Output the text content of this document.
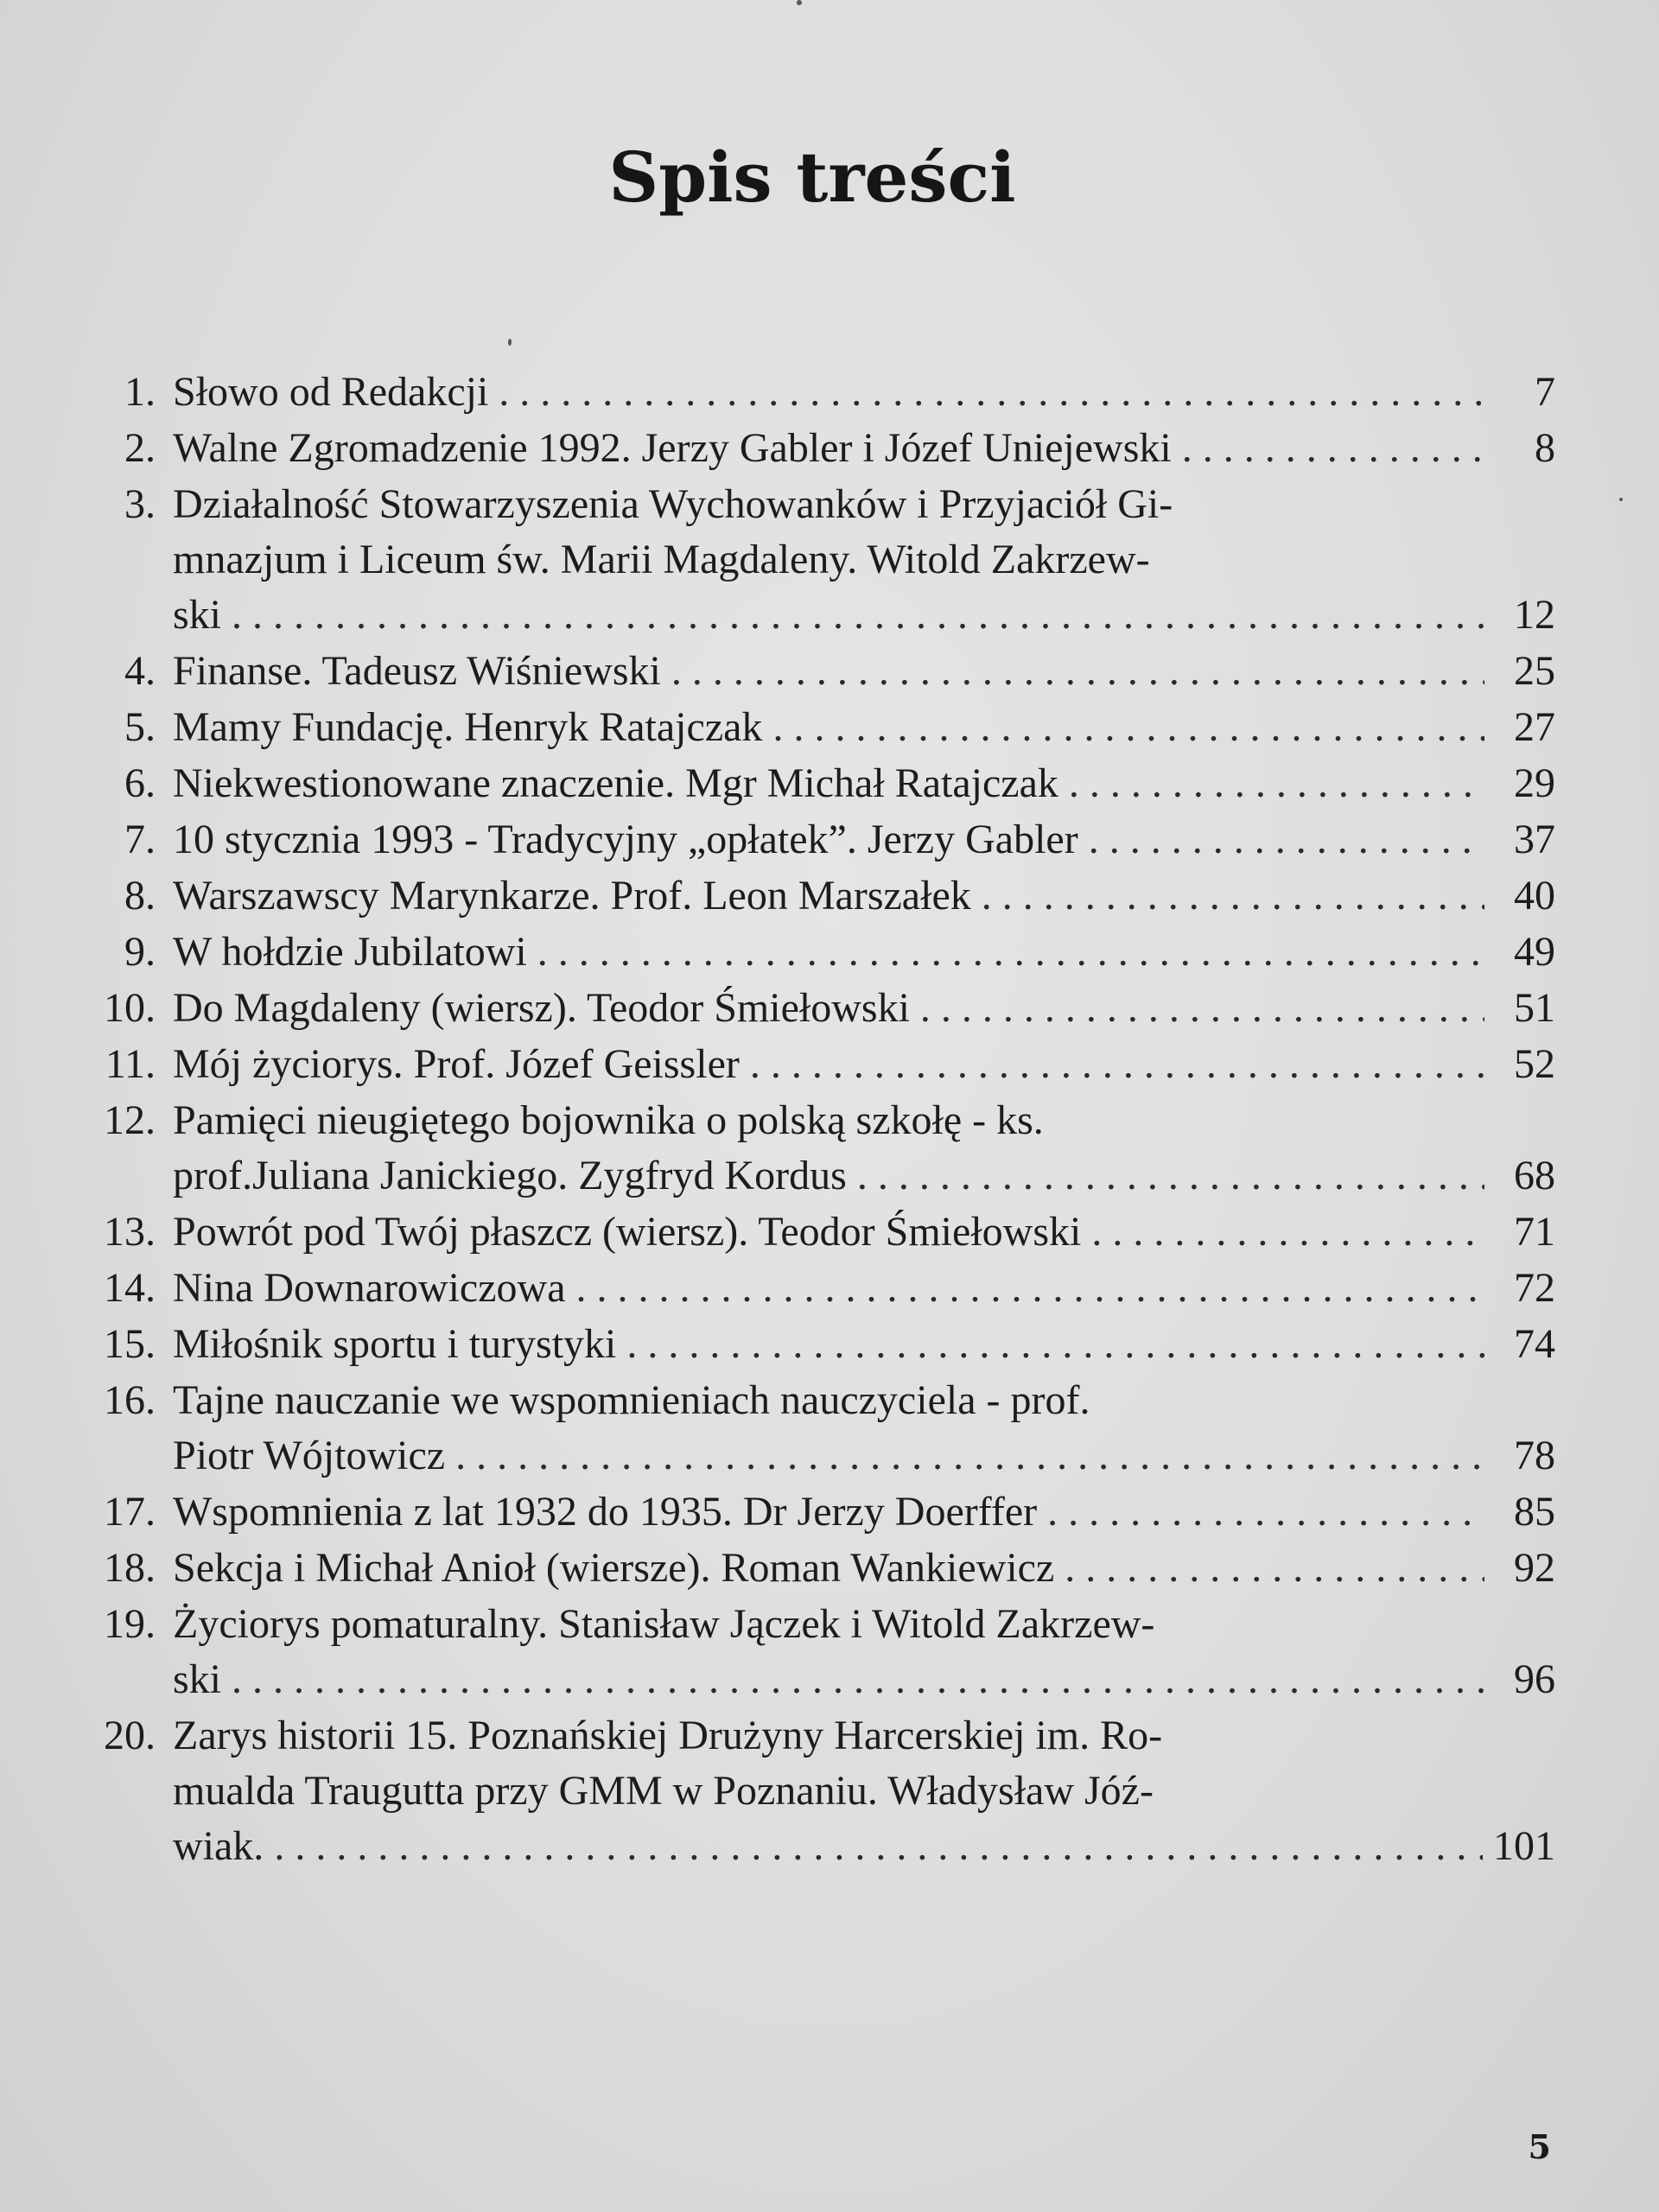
Spis treści
1. Słowo od Redakcji . . .	7
2. Walne Zgromadzenie 1992. Jerzy Gabler i Józef Uniejewski . . .	8
3. Działalność Stowarzyszenia Wychowanków i Przyjaciół Gi-
mnazjum i Liceum św. Marii Magdaleny. Witold Zakrzew-
ski . . .	12
4. Finanse. Tadeusz Wiśniewski . . .	25
5. Mamy Fundację. Henryk Ratajczak . . .	27
6. Niekwestionowane znaczenie. Mgr Michał Ratajczak . . .	29
7. 10 stycznia 1993 - Tradycyjny „opłatek”. Jerzy Gabler . . .	37
8. Warszawscy Marynkarze. Prof. Leon Marszałek . . .	40
9. W hołdzie Jubilatowi . . .	49
10. Do Magdaleny (wiersz). Teodor Śmiełowski . . .	51
11. Mój życiorys. Prof. Józef Geissler . . .	52
12. Pamięci nieugiętego bojownika o polską szkołę - ks.
prof.Juliana Janickiego. Zygfryd Kordus . . .	68
13. Powrót pod Twój płaszcz (wiersz). Teodor Śmiełowski . . .	71
14. Nina Downarowiczowa . . .	72
15. Miłośnik sportu i turystyki . . .	74
16. Tajne nauczanie we wspomnieniach nauczyciela - prof.
Piotr Wójtowicz . . .	78
17. Wspomnienia z lat 1932 do 1935. Dr Jerzy Doerffer . . .	85
18. Sekcja i Michał Anioł (wiersze). Roman Wankiewicz . . .	92
19. Życiorys pomaturalny. Stanisław Jączek i Witold Zakrzew-
ski . . .	96
20. Zarys historii 15. Poznańskiej Drużyny Harcerskiej im. Ro-
mualda Traugutta przy GMM w Poznaniu. Władysław Jóź-
wiak. . . .	101
5
